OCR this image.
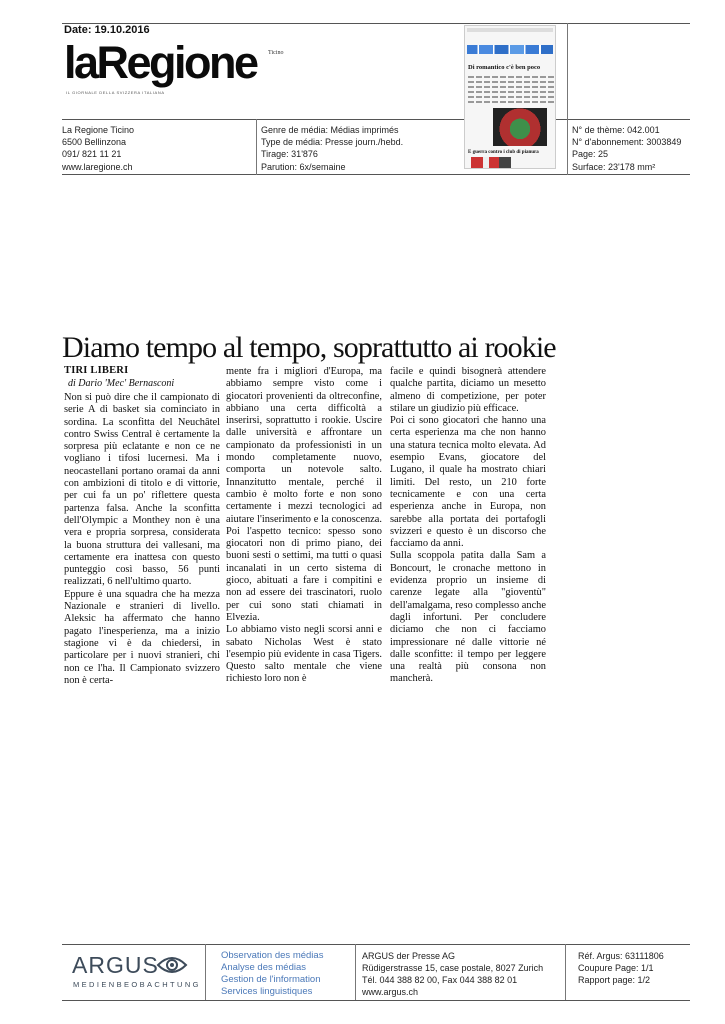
Date: 19.10.2016
laRegione Ticino
IL GIORNALE DELLA SVIZZERA ITALIANA
Di romantico c'è ben poco
E guerra contro i club di pianura
La Regione Ticino
6500 Bellinzona
091/ 821 11 21
www.laregione.ch
Genre de média: Médias imprimés
Type de média: Presse journ./hebd.
Tirage: 31'876
Parution: 6x/semaine
N° de thème: 042.001
N° d'abonnement: 3003849
Page: 25
Surface: 23'178 mm²
Diamo tempo al tempo, soprattutto ai rookie
TIRI LIBERI
di Dario 'Mec' Bernasconi

Non si può dire che il campionato di serie A di basket sia cominciato in sordina. La sconfitta del Neuchâtel contro Swiss Central è certamente la sorpresa più eclatante e non ce ne vogliano i tifosi lucernesi. Ma i neocastellani portano oramai da anni con ambizioni di titolo e di vittorie, per cui fa un po' riflettere questa partenza falsa. Anche la sconfitta dell'Olympic a Monthey non è una vera e propria sorpresa, considerata la buona struttura dei vallesani, ma certamente era inattesa con questo punteggio così basso, 56 punti realizzati, 6 nell'ultimo quarto.

Eppure è una squadra che ha mezza Nazionale e stranieri di livello. Aleksic ha affermato che hanno pagato l'inesperienza, ma a inizio stagione vi è da chiedersi, in particolare per i nuovi stranieri, chi non ce l'ha. Il Campionato svizzero non è certa-

mente fra i migliori d'Europa, ma abbiamo sempre visto come i giocatori provenienti da oltreconfine, abbiano una certa difficoltà a inserirsi, soprattutto i rookie. Uscire dalle università e affrontare un campionato da professionisti in un mondo completamente nuovo, comporta un notevole salto. Innanzitutto mentale, perché il cambio è molto forte e non sono certamente i mezzi tecnologici ad aiutare l'inserimento e la conoscenza. Poi l'aspetto tecnico: spesso sono giocatori non di primo piano, dei buoni sesti o settimi, ma tutti o quasi incanalati in un certo sistema di gioco, abituati a fare i compitini e non ad essere dei trascinatori, ruolo per cui sono stati chiamati in Elvezia.

Lo abbiamo visto negli scorsi anni e sabato Nicholas West è stato l'esempio più evidente in casa Tigers. Questo salto mentale che viene richiesto loro non è

facile e quindi bisognerà attendere qualche partita, diciamo un mesetto almeno di competizione, per poter stilare un giudizio più efficace.

Poi ci sono giocatori che hanno una certa esperienza ma che non hanno una statura tecnica molto elevata. Ad esempio Evans, giocatore del Lugano, il quale ha mostrato chiari limiti. Del resto, un 210 forte tecnicamente e con una certa esperienza anche in Europa, non sarebbe alla portata dei portafogli svizzeri e questo è un discorso che facciamo da anni.

Sulla scoppola patita dalla Sam a Boncourt, le cronache mettono in evidenza proprio un insieme di carenze legate alla "gioventù" dell'amalgama, reso complesso anche dagli infortuni. Per concludere diciamo che non ci facciamo impressionare né dalle vittorie né dalle sconfitte: il tempo per leggere una realtà più consona non mancherà.

ARGUS
MEDIENBEOBACHTUNG
Observation des médias
Analyse des médias
Gestion de l'information
Services linguistiques
ARGUS der Presse AG
Rüdigerstrasse 15, case postale, 8027 Zurich
Tél. 044 388 82 00, Fax 044 388 82 01
www.argus.ch
Réf. Argus: 63111806
Coupure Page: 1/1
Rapport page: 1/2
